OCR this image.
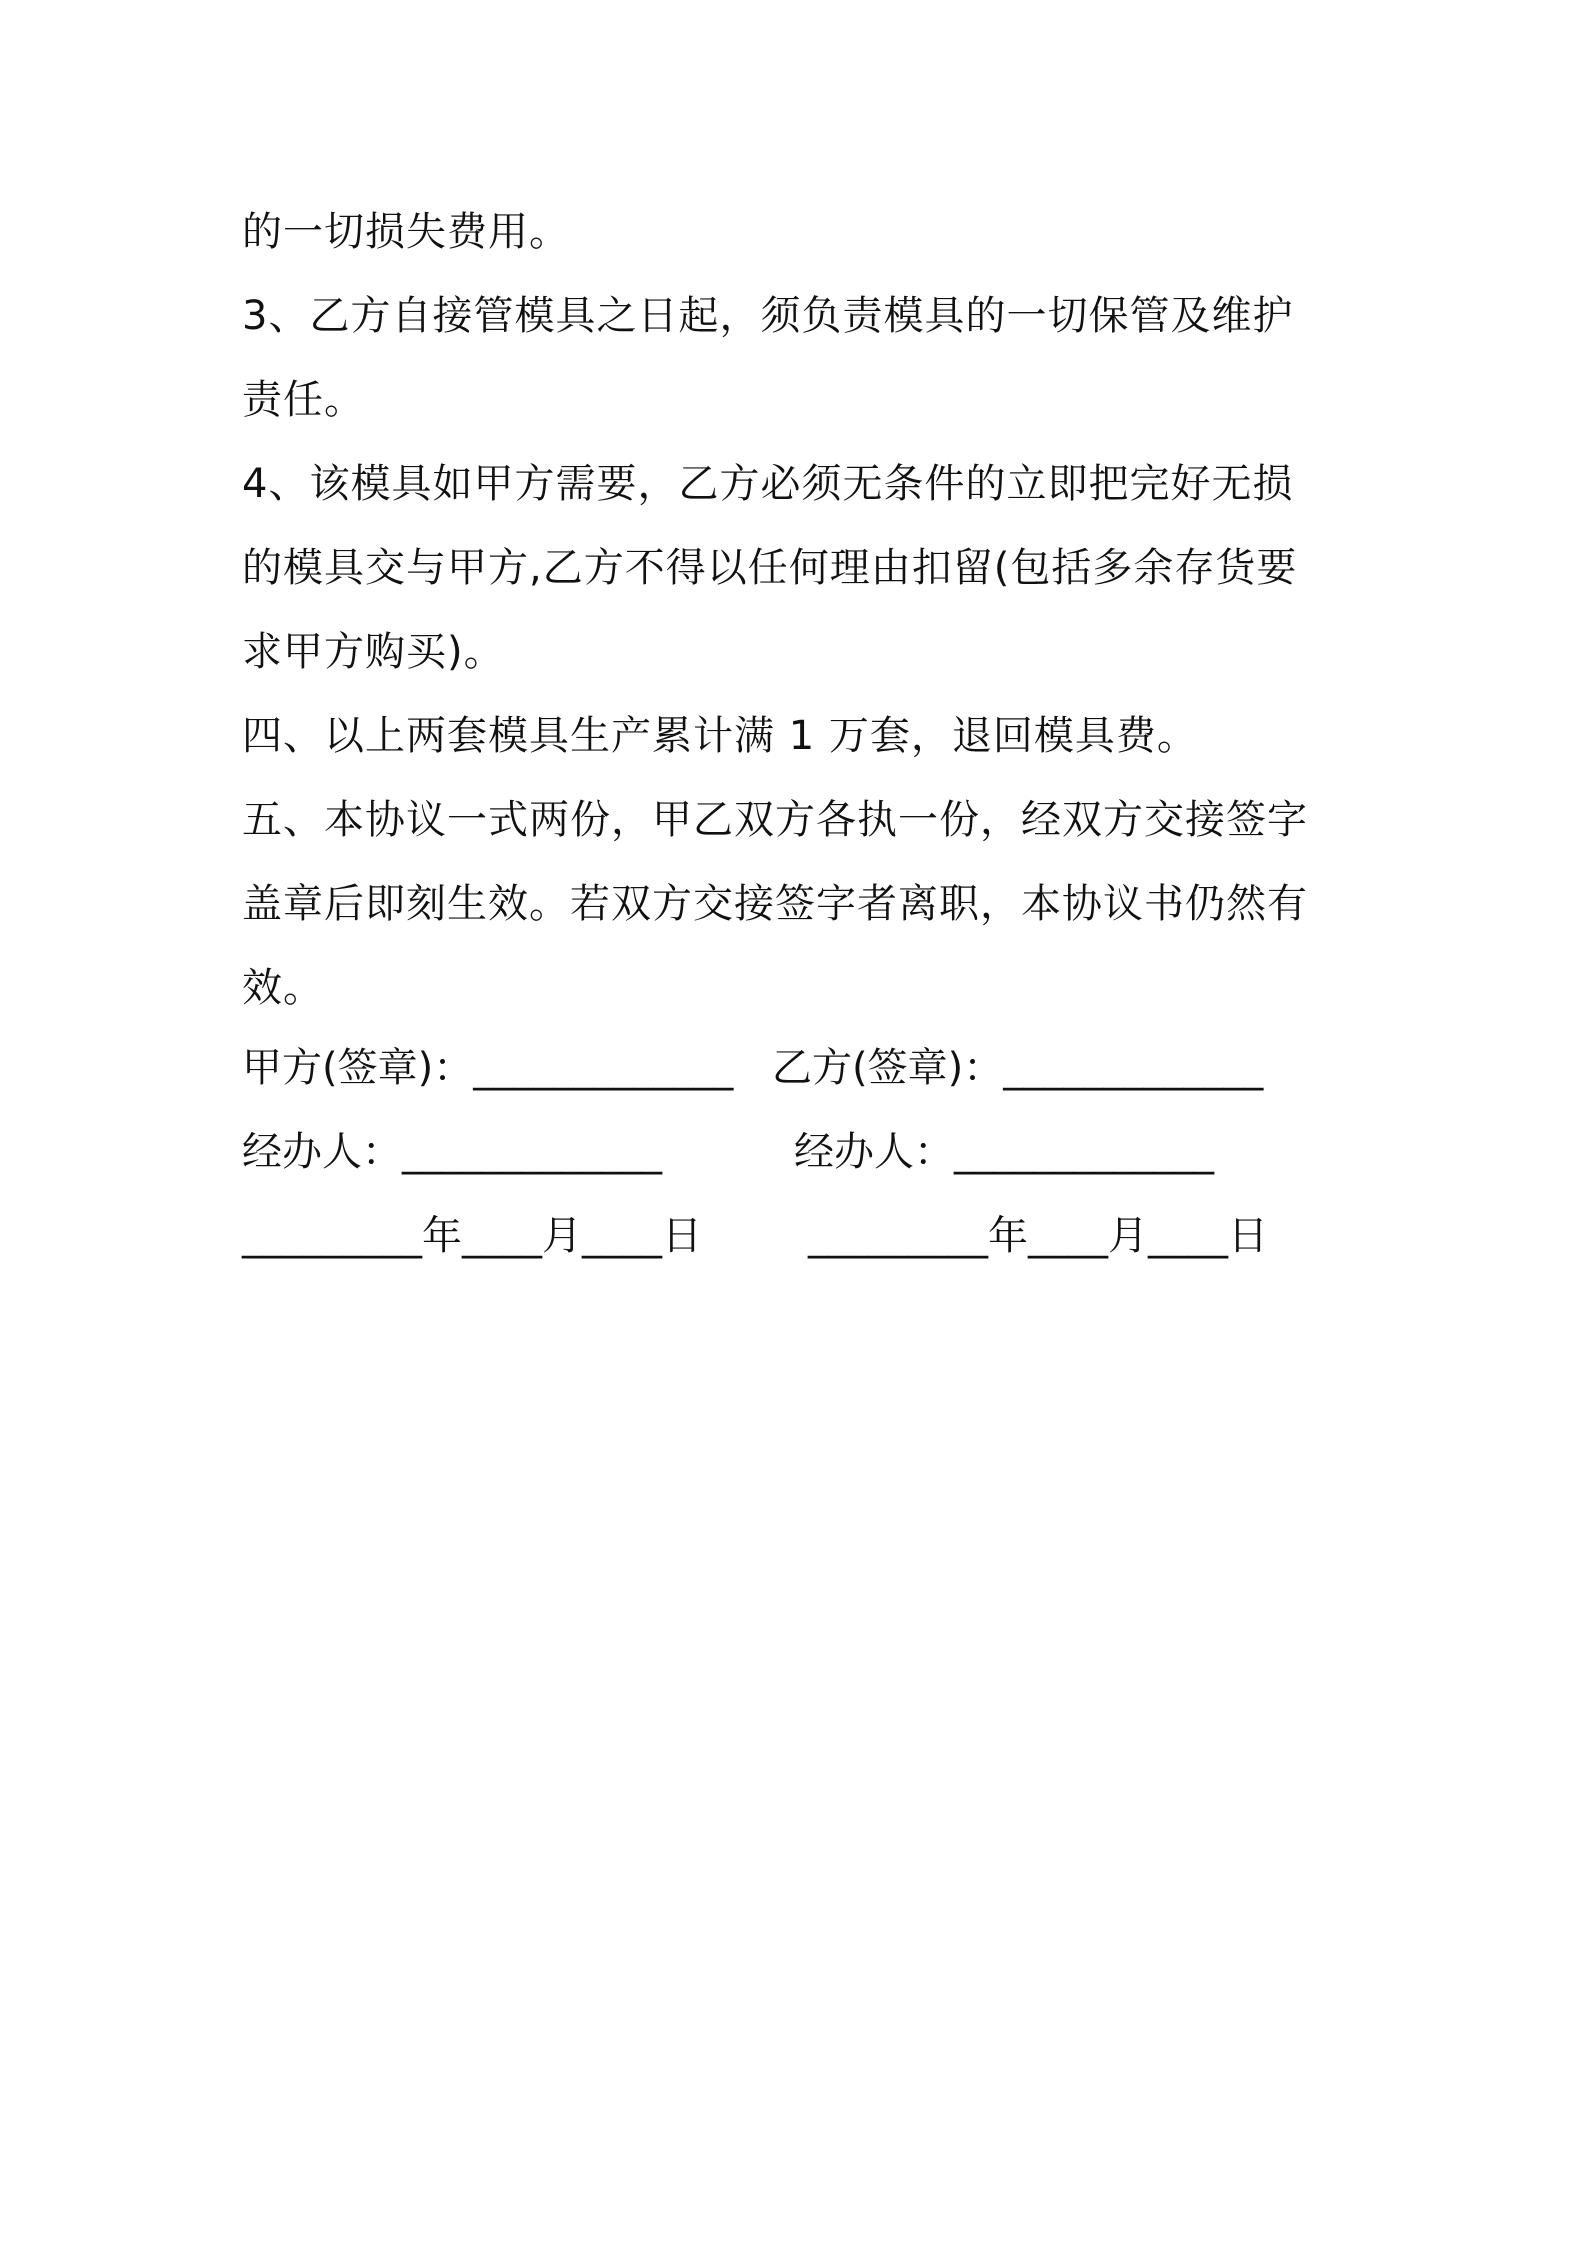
的一切损失费用。
3、乙方自接管模具之日起，须负责模具的一切保管及维护
责任。
4、该模具如甲方需要，乙方必须无条件的立即把完好无损
的模具交与甲方,乙方不得以任何理由扣留(包括多余存货要
求甲方购买)。
四、以上两套模具生产累计满 1 万套，退回模具费。
五、本协议一式两份，甲乙双方各执一份，经双方交接签字
盖章后即刻生效。若双方交接签字者离职，本协议书仍然有
效。
甲方(签章)：_____________ 乙方(签章)：_____________
经办人：_____________	经办人：_____________
_________年____月____日	_________年____月____日
